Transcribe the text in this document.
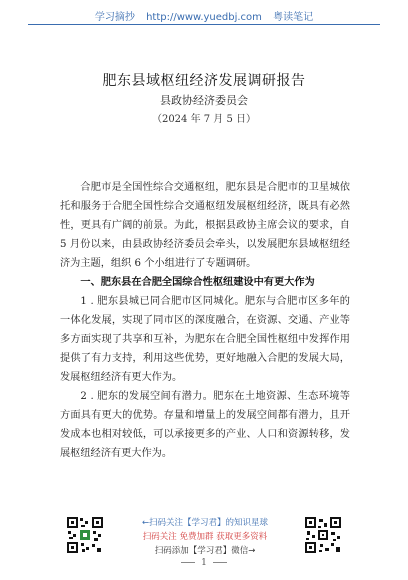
学习摘抄 http://www.yuedbj.com 粤读笔记
肥东县域枢纽经济发展调研报告
县政协经济委员会
（2024 年 7 月 5 日）

合肥市是全国性综合交通枢纽，肥东县是合肥市的卫星城依托和服务于合肥全国性综合交通枢纽发展枢纽经济，既具有必然性，更具有广阔的前景。为此，根据县政协主席会议的要求，自 5 月份以来，由县政协经济委员会牵头，以发展肥东县域枢纽经济为主题，组织 6 个小组进行了专题调研。

一、肥东县在合肥全国综合性枢纽建设中有更大作为

1 . 肥东县城已同合肥市区同城化。肥东与合肥市区多年的一体化发展，实现了同市区的深度融合，在资源、交通、产业等多方面实现了共享和互补，为肥东在合肥全国性枢纽中发挥作用提供了有力支持，利用这些优势，更好地融入合肥的发展大局，发展枢纽经济有更大作为。

2 . 肥东的发展空间有潜力。肥东在土地资源、生态环境等方面具有更大的优势。存量和增量上的发展空间都有潜力，且开发成本也相对较低，可以承接更多的产业、人口和资源转移，发展枢纽经济有更大作为。

←扫码关注【学习君】的知识星球
扫码关注 免费加群 获取更多资料
扫码添加【学习君】微信→
1
